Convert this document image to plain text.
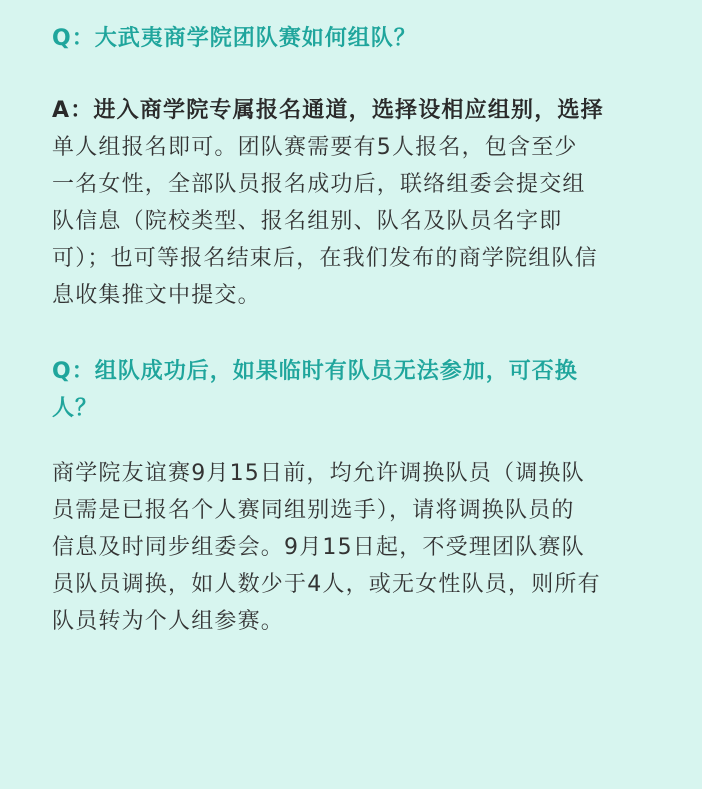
Q：大武夷商学院团队赛如何组队？
A：进入商学院专属报名通道，选择设相应组别，选择
单人组报名即可。团队赛需要有5人报名，包含至少
一名女性，全部队员报名成功后，联络组委会提交组
队信息（院校类型、报名组别、队名及队员名字即
可）；也可等报名结束后，在我们发布的商学院组队信
息收集推文中提交。
Q：组队成功后，如果临时有队员无法参加，可否换
人？
商学院友谊赛9月15日前，均允许调换队员（调换队
员需是已报名个人赛同组别选手），请将调换队员的
信息及时同步组委会。9月15日起，不受理团队赛队
员队员调换，如人数少于4人，或无女性队员，则所有
队员转为个人组参赛。
